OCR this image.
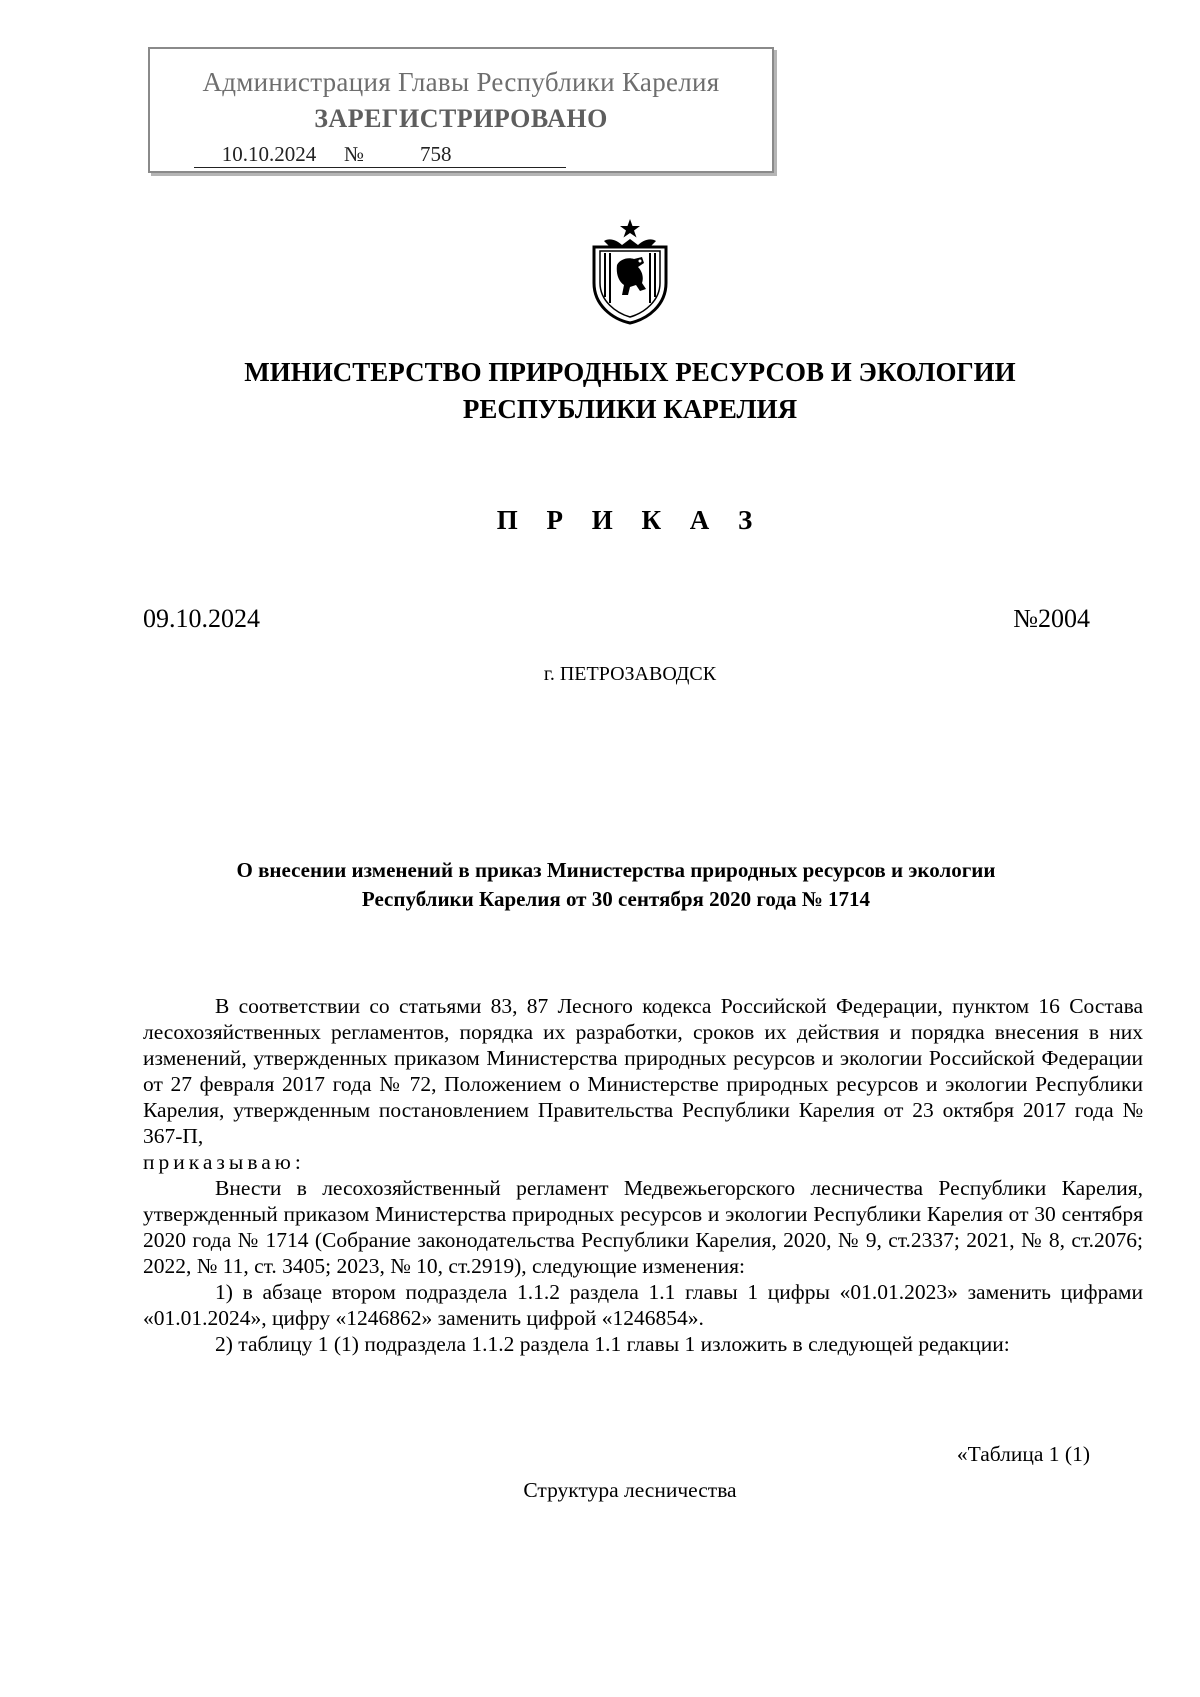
Администрация Главы Республики Карелия
ЗАРЕГИСТРИРОВАНО
10.10.2024	№	758
МИНИСТЕРСТВО ПРИРОДНЫХ РЕСУРСОВ И ЭКОЛОГИИ
РЕСПУБЛИКИ КАРЕЛИЯ
П Р И К А З
09.10.2024	№2004
г. ПЕТРОЗАВОДСК
О внесении изменений в приказ Министерства природных ресурсов и экологии
Республики Карелия от 30 сентября 2020 года № 1714

В соответствии со статьями 83, 87 Лесного кодекса Российской Федерации, пунктом 16 Состава лесохозяйственных регламентов, порядка их разработки, сроков их действия и порядка внесения в них изменений, утвержденных приказом Министерства природных ресурсов и экологии Российской Федерации от 27 февраля 2017 года № 72, Положением о Министерстве природных ресурсов и экологии Республики Карелия, утвержденным постановлением Правительства Республики Карелия от 23 октября 2017 года № 367-П,
приказываю:

Внести в лесохозяйственный регламент Медвежьегорского лесничества Республики Карелия, утвержденный приказом Министерства природных ресурсов и экологии Республики Карелия от 30 сентября 2020 года № 1714 (Собрание законодательства Республики Карелия, 2020, № 9, ст.2337; 2021, № 8, ст.2076; 2022, № 11, ст. 3405; 2023, № 10, ст.2919), следующие изменения:

1) в абзаце втором подраздела 1.1.2 раздела 1.1 главы 1 цифры «01.01.2023» заменить цифрами «01.01.2024», цифру «1246862» заменить цифрой «1246854».

2) таблицу 1 (1) подраздела 1.1.2 раздела 1.1 главы 1 изложить в следующей редакции:

«Таблица 1 (1)
Структура лесничества
